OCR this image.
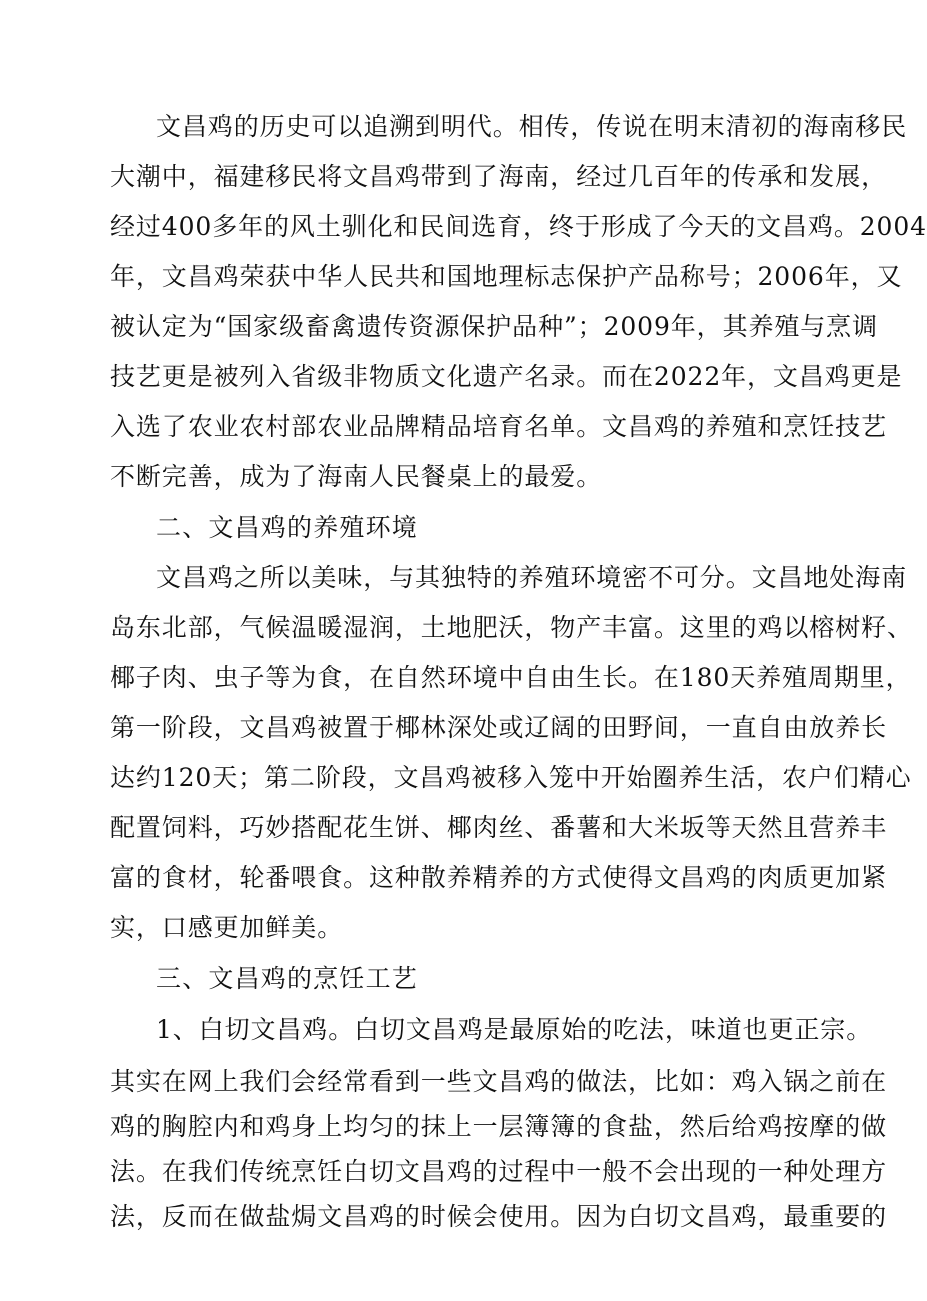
文昌鸡的历史可以追溯到明代。相传，传说在明末清初的海南移民
大潮中，福建移民将文昌鸡带到了海南，经过几百年的传承和发展，
经过400多年的风土驯化和民间选育，终于形成了今天的文昌鸡。2004
年，文昌鸡荣获中华人民共和国地理标志保护产品称号；2006年，又
被认定为“国家级畜禽遗传资源保护品种”；2009年，其养殖与烹调
技艺更是被列入省级非物质文化遗产名录。而在2022年，文昌鸡更是
入选了农业农村部农业品牌精品培育名单。文昌鸡的养殖和烹饪技艺
不断完善，成为了海南人民餐桌上的最爱。
二、文昌鸡的养殖环境
文昌鸡之所以美味，与其独特的养殖环境密不可分。文昌地处海南
岛东北部，气候温暖湿润，土地肥沃，物产丰富。这里的鸡以榕树籽、
椰子肉、虫子等为食，在自然环境中自由生长。在180天养殖周期里，
第一阶段，文昌鸡被置于椰林深处或辽阔的田野间，一直自由放养长
达约120天；第二阶段，文昌鸡被移入笼中开始圈养生活，农户们精心
配置饲料，巧妙搭配花生饼、椰肉丝、番薯和大米坂等天然且营养丰
富的食材，轮番喂食。这种散养精养的方式使得文昌鸡的肉质更加紧
实，口感更加鲜美。
三、文昌鸡的烹饪工艺
1、白切文昌鸡。白切文昌鸡是最原始的吃法，味道也更正宗。
其实在网上我们会经常看到一些文昌鸡的做法，比如：鸡入锅之前在
鸡的胸腔内和鸡身上均匀的抹上一层簿簿的食盐，然后给鸡按摩的做
法。在我们传统烹饪白切文昌鸡的过程中一般不会出现的一种处理方
法，反而在做盐焗文昌鸡的时候会使用。因为白切文昌鸡，最重要的
